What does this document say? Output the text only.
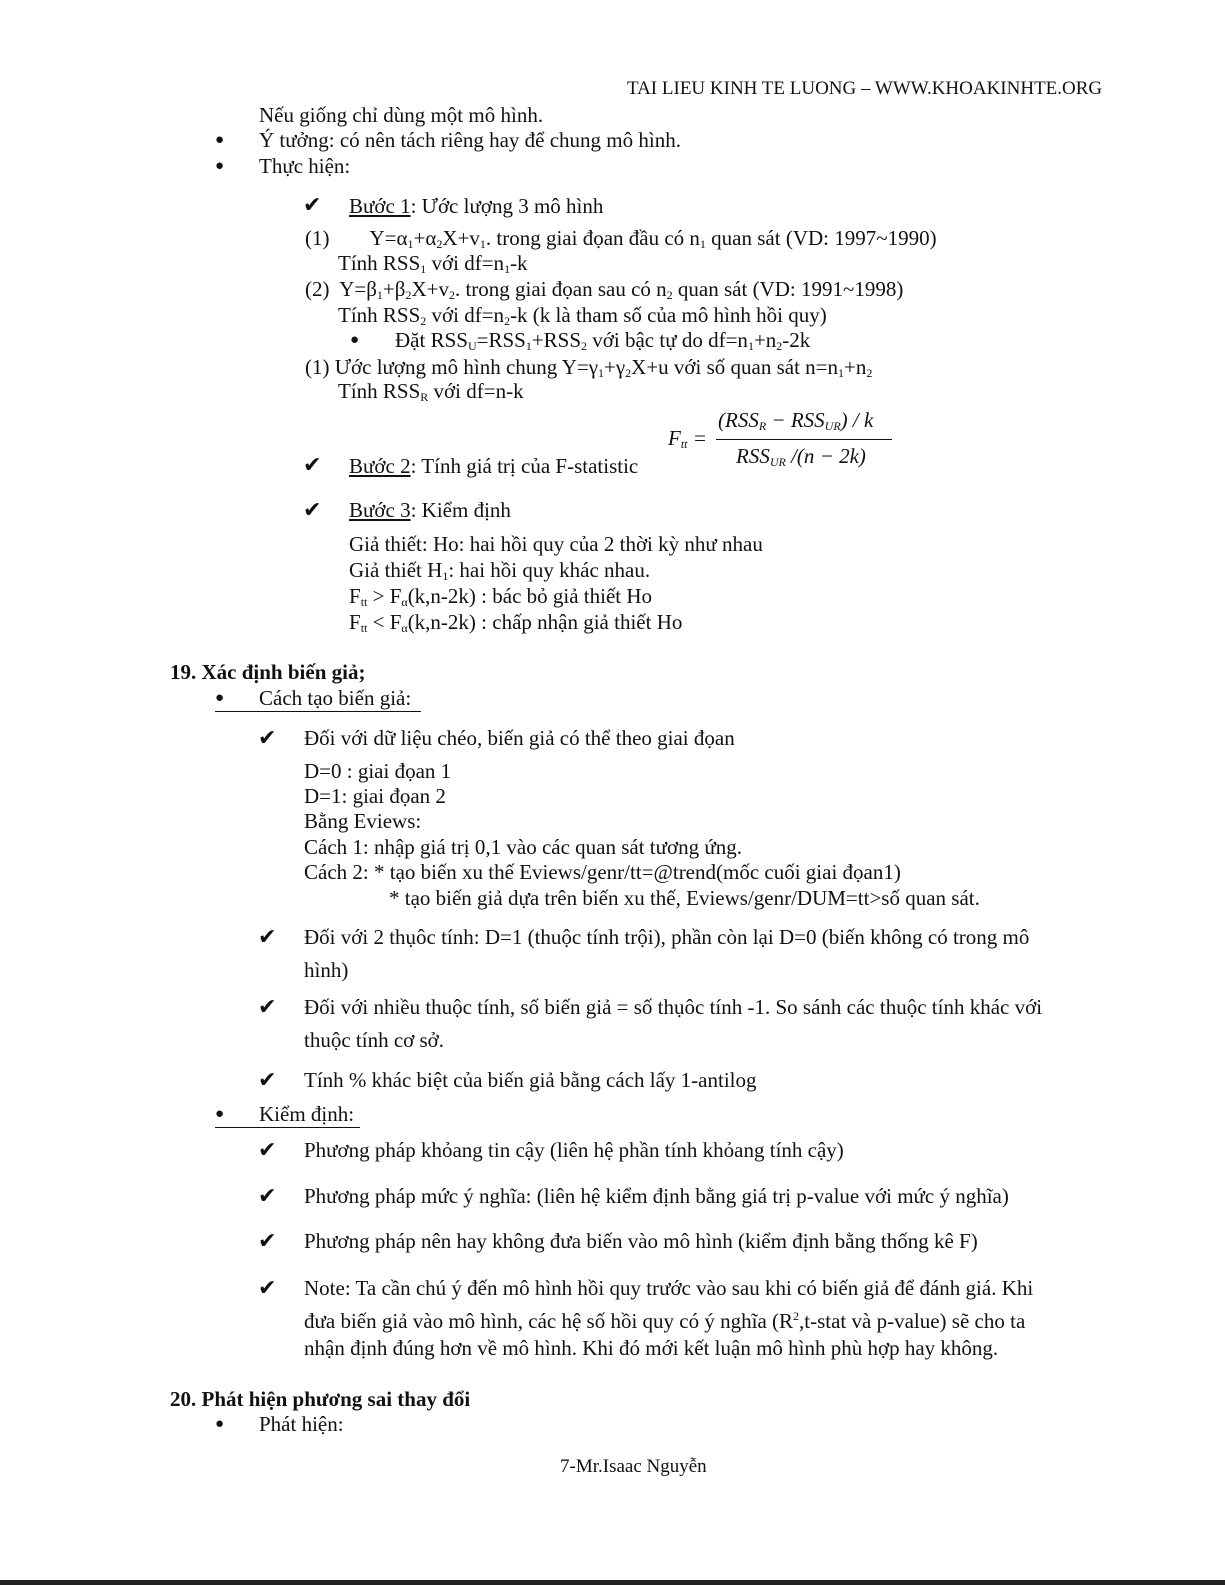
TAI LIEU KINH TE LUONG – WWW.KHOAKINHTE.ORG
Nếu giống chỉ dùng một mô hình.
● Ý tưởng: có nên tách riêng hay để chung mô hình.
● Thực hiện:
✔ Bước 1: Ước lượng 3 mô hình
(1) $Y=\alpha_1+\alpha_2X+v_1$. trong giai đọan đầu có $n_1$ quan sát (VD: 1997~1990)
Tính $RSS_1$ với $df=n_1-k$
(2)  $Y=\beta_1+\beta_2X+v_2$. trong giai đọan sau có $n_2$ quan sát (VD: 1991~1998)
Tính $RSS_2$ với $df=n_2-k$ (k là tham số của mô hình hồi quy)
● Đặt $RSS_U=RSS_1+RSS_2$ với bậc tự do $df=n_1+n_2-2k$
(1) Ước lượng mô hình chung $Y=\gamma_1+\gamma_2X+u$ với số quan sát $n=n_1+n_2$
Tính $RSS_R$ với df=n-k
$F_{tt}$ =
$(RSS_R - RSS_{UR}) / k$
$RSS_{UR}$ /(n − 2k)
✔ Bước 2: Tính giá trị của F-statistic
✔ Bước 3: Kiểm định
Giả thiết: Ho: hai hồi quy của 2 thời kỳ như nhau
Giả thiết $H_1$: hai hồi quy khác nhau.
$F_{tt} > F_\alpha(k,n-2k)$ : bác bỏ giả thiết Ho
$F_{tt} < F_\alpha(k,n-2k)$ : chấp nhận giả thiết Ho
19. Xác định biến giả;
● Cách tạo biến giả:
✔ Đối với dữ liệu chéo, biến giả có thể theo giai đọan
D=0 : giai đọan 1
D=1: giai đọan 2
Bằng Eviews:
Cách 1: nhập giá trị 0,1 vào các quan sát tương ứng.
Cách 2: * tạo biến xu thế Eviews/genr/tt=@trend(mốc cuối giai đọan1)
* tạo biến giả dựa trên biến xu thế, Eviews/genr/DUM=tt>số quan sát.
✔ Đối với 2 thụôc tính: D=1 (thuộc tính trội), phần còn lại D=0 (biến không có trong mô
hình)
✔ Đối với nhiều thuộc tính, số biến giả = số thụôc tính -1. So sánh các thuộc tính khác với
thuộc tính cơ sở.
✔ Tính % khác biệt của biến giả bằng cách lấy 1-antilog
● Kiểm định:
✔ Phương pháp khỏang tin cậy (liên hệ phần tính khỏang tính cậy)
✔ Phương pháp mức ý nghĩa: (liên hệ kiểm định bằng giá trị p-value với mức ý nghĩa)
✔ Phương pháp nên hay không đưa biến vào mô hình (kiểm định bằng thống kê F)
✔ Note: Ta cần chú ý đến mô hình hồi quy trước vào sau khi có biến giả để đánh giá. Khi
đưa biến giả vào mô hình, các hệ số hồi quy có ý nghĩa ($R^2,t$-stat và p-value) sẽ cho ta
nhận định đúng hơn về mô hình. Khi đó mới kết luận mô hình phù hợp hay không.
20. Phát hiện phương sai thay đổi
● Phát hiện:
7-Mr.Isaac Nguyễn
